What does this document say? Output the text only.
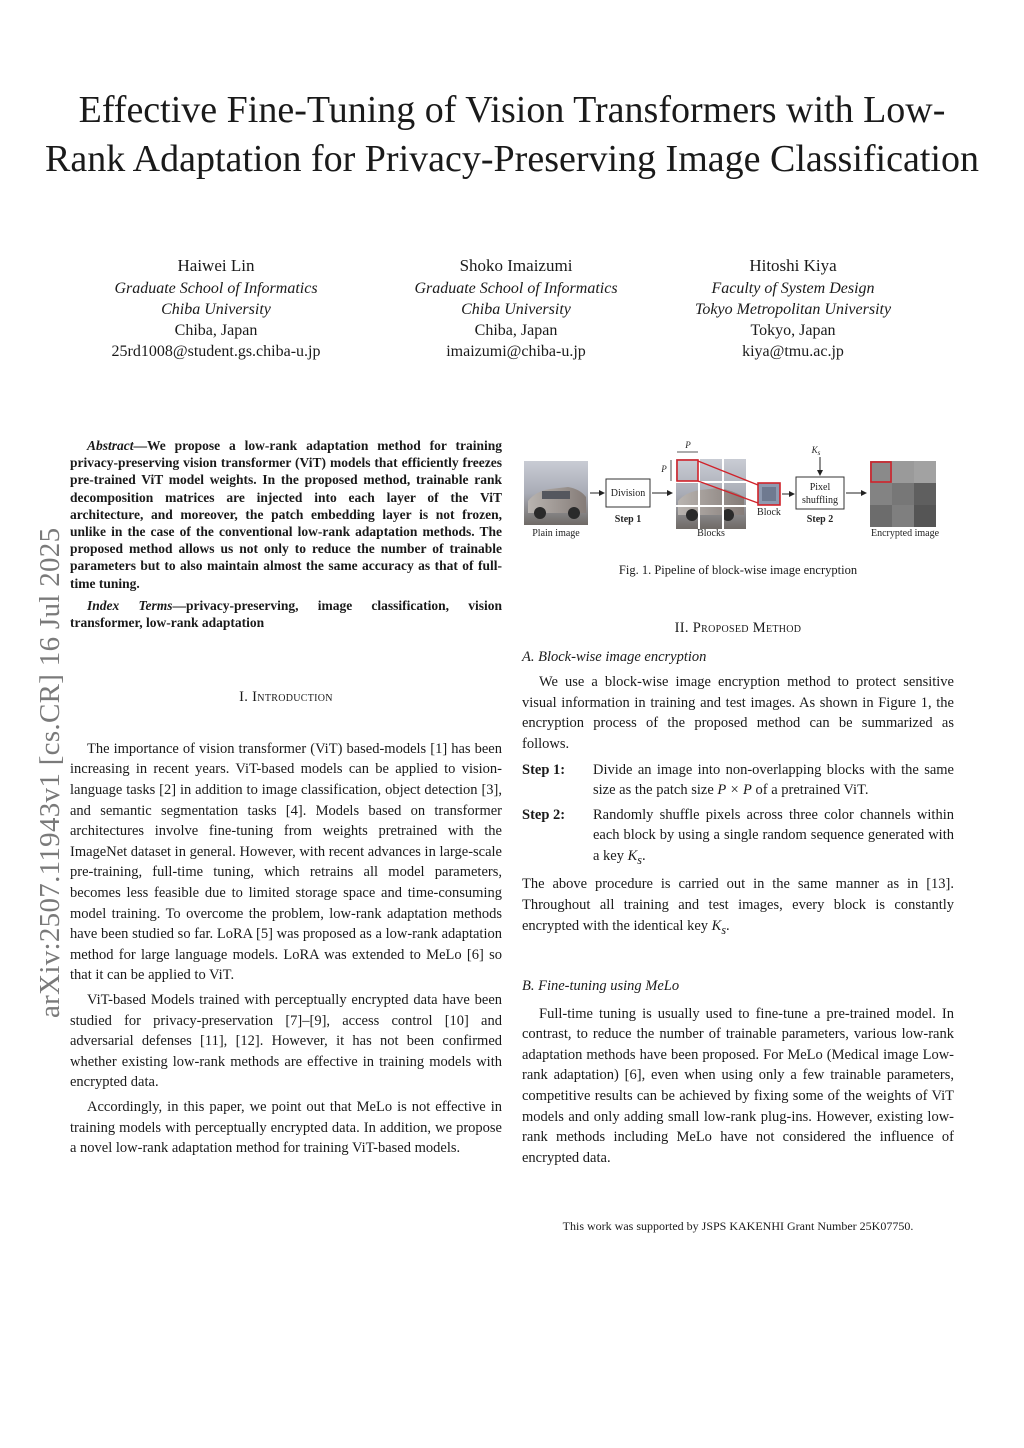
Effective Fine-Tuning of Vision Transformers with Low-Rank Adaptation for Privacy-Preserving Image Classification
Haiwei Lin
Graduate School of Informatics
Chiba University
Chiba, Japan
25rd1008@student.gs.chiba-u.jp
Shoko Imaizumi
Graduate School of Informatics
Chiba University
Chiba, Japan
imaizumi@chiba-u.jp
Hitoshi Kiya
Faculty of System Design
Tokyo Metropolitan University
Tokyo, Japan
kiya@tmu.ac.jp
arXiv:2507.11943v1 [cs.CR] 16 Jul 2025

Abstract—We propose a low-rank adaptation method for training privacy-preserving vision transformer (ViT) models that efficiently freezes pre-trained ViT model weights. In the proposed method, trainable rank decomposition matrices are injected into each layer of the ViT architecture, and moreover, the patch embedding layer is not frozen, unlike in the case of the conventional low-rank adaptation methods. The proposed method allows us not only to reduce the number of trainable parameters but to also maintain almost the same accuracy as that of full-time tuning.

Index Terms—privacy-preserving, image classification, vision transformer, low-rank adaptation

I. Introduction

The importance of vision transformer (ViT) based-models [1] has been increasing in recent years. ViT-based models can be applied to vision-language tasks [2] in addition to image classification, object detection [3], and semantic segmentation tasks [4]. Models based on transformer architectures involve fine-tuning from weights pretrained with the ImageNet dataset in general. However, with recent advances in large-scale pre-training, full-time tuning, which retrains all model parameters, becomes less feasible due to limited storage space and time-consuming model training. To overcome the problem, low-rank adaptation methods have been studied so far. LoRA [5] was proposed as a low-rank adaptation method for large language models. LoRA was extended to MeLo [6] so that it can be applied to ViT.

ViT-based Models trained with perceptually encrypted data have been studied for privacy-preservation [7]–[9], access control [10] and adversarial defenses [11], [12]. However, it has not been confirmed whether existing low-rank methods are effective in training models with encrypted data.

Accordingly, in this paper, we point out that MeLo is not effective in training models with perceptually encrypted data. In addition, we propose a novel low-rank adaptation method for training ViT-based models.

Plain image
Division
Step 1
P
P
Blocks
Block
Pixel
shuffling
Step 2
$K_s$
Encrypted image
Fig. 1. Pipeline of block-wise image encryption

II. Proposed Method

A. Block-wise image encryption

We use a block-wise image encryption method to protect sensitive visual information in training and test images. As shown in Figure 1, the encryption process of the proposed method can be summarized as follows.

Step 1:	Divide an image into non-overlapping blocks with the same size as the patch size P × P of a pretrained ViT.
Step 2:	Randomly shuffle pixels across three color channels within each block by using a single random sequence generated with a key $K_s$.

The above procedure is carried out in the same manner as in [13]. Throughout all training and test images, every block is constantly encrypted with the identical key $K_s$.

B. Fine-tuning using MeLo

Full-time tuning is usually used to fine-tune a pre-trained model. In contrast, to reduce the number of trainable parameters, various low-rank adaptation methods have been proposed. For MeLo (Medical image Low-rank adaptation) [6], even when using only a few trainable parameters, competitive results can be achieved by fixing some of the weights of ViT models and only adding small low-rank plug-ins. However, existing low-rank methods including MeLo have not considered the influence of encrypted data.

This work was supported by JSPS KAKENHI Grant Number 25K07750.
